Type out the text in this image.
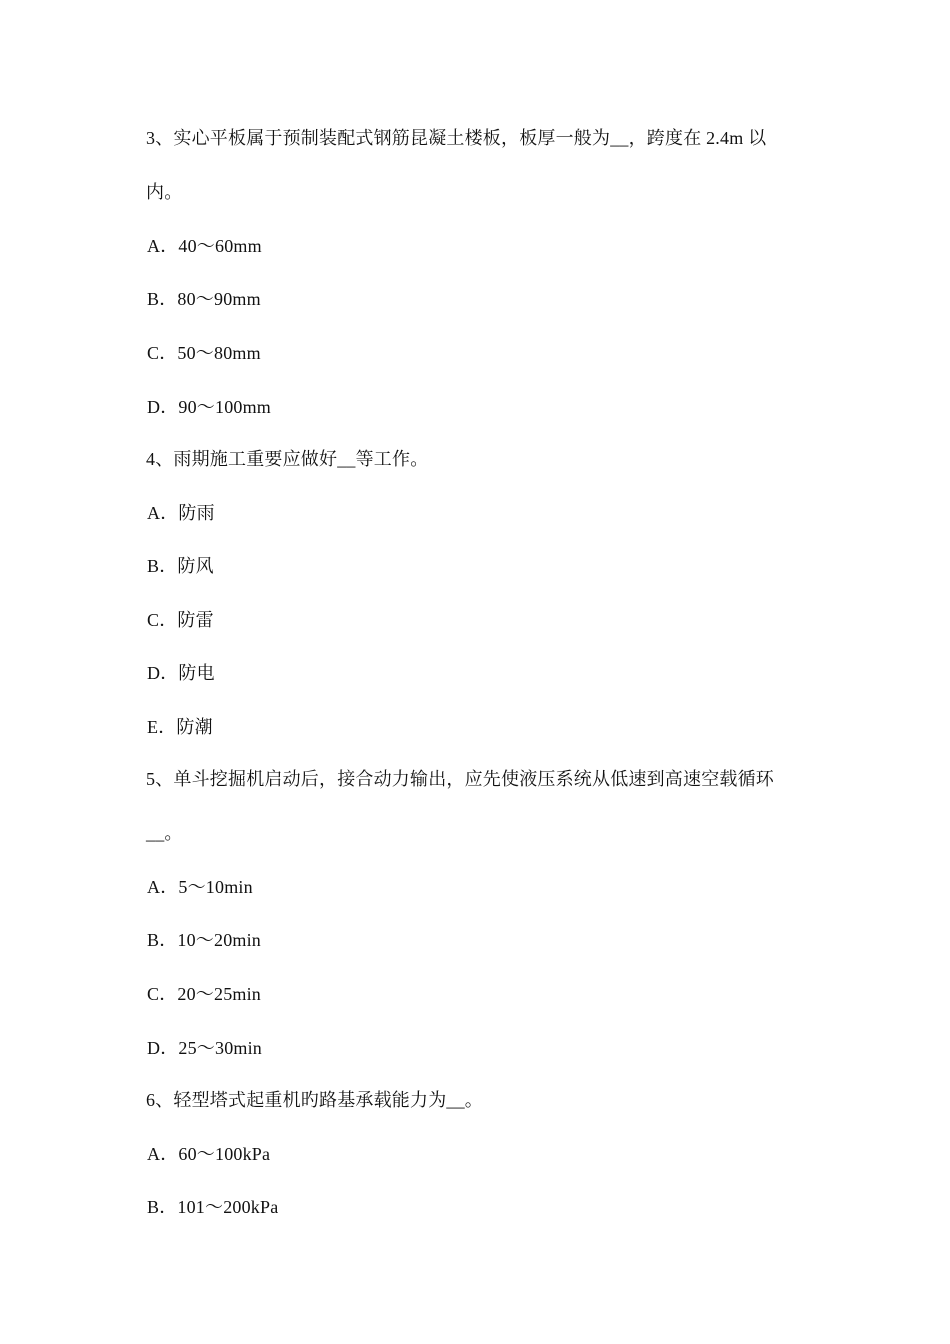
3、实心平板属于预制装配式钢筋昆凝土楼板，板厚一般为__，跨度在 2.4m 以
内。
A．40～60mm
B．80～90mm
C．50～80mm
D．90～100mm
4、雨期施工重要应做好__等工作。
A．防雨
B．防风
C．防雷
D．防电
E．防潮
5、单斗挖掘机启动后，接合动力输出，应先使液压系统从低速到高速空载循环
__。
A．5～10min
B．10～20min
C．20～25min
D．25～30min
6、轻型塔式起重机旳路基承载能力为__。
A．60～100kPa
B．101～200kPa
